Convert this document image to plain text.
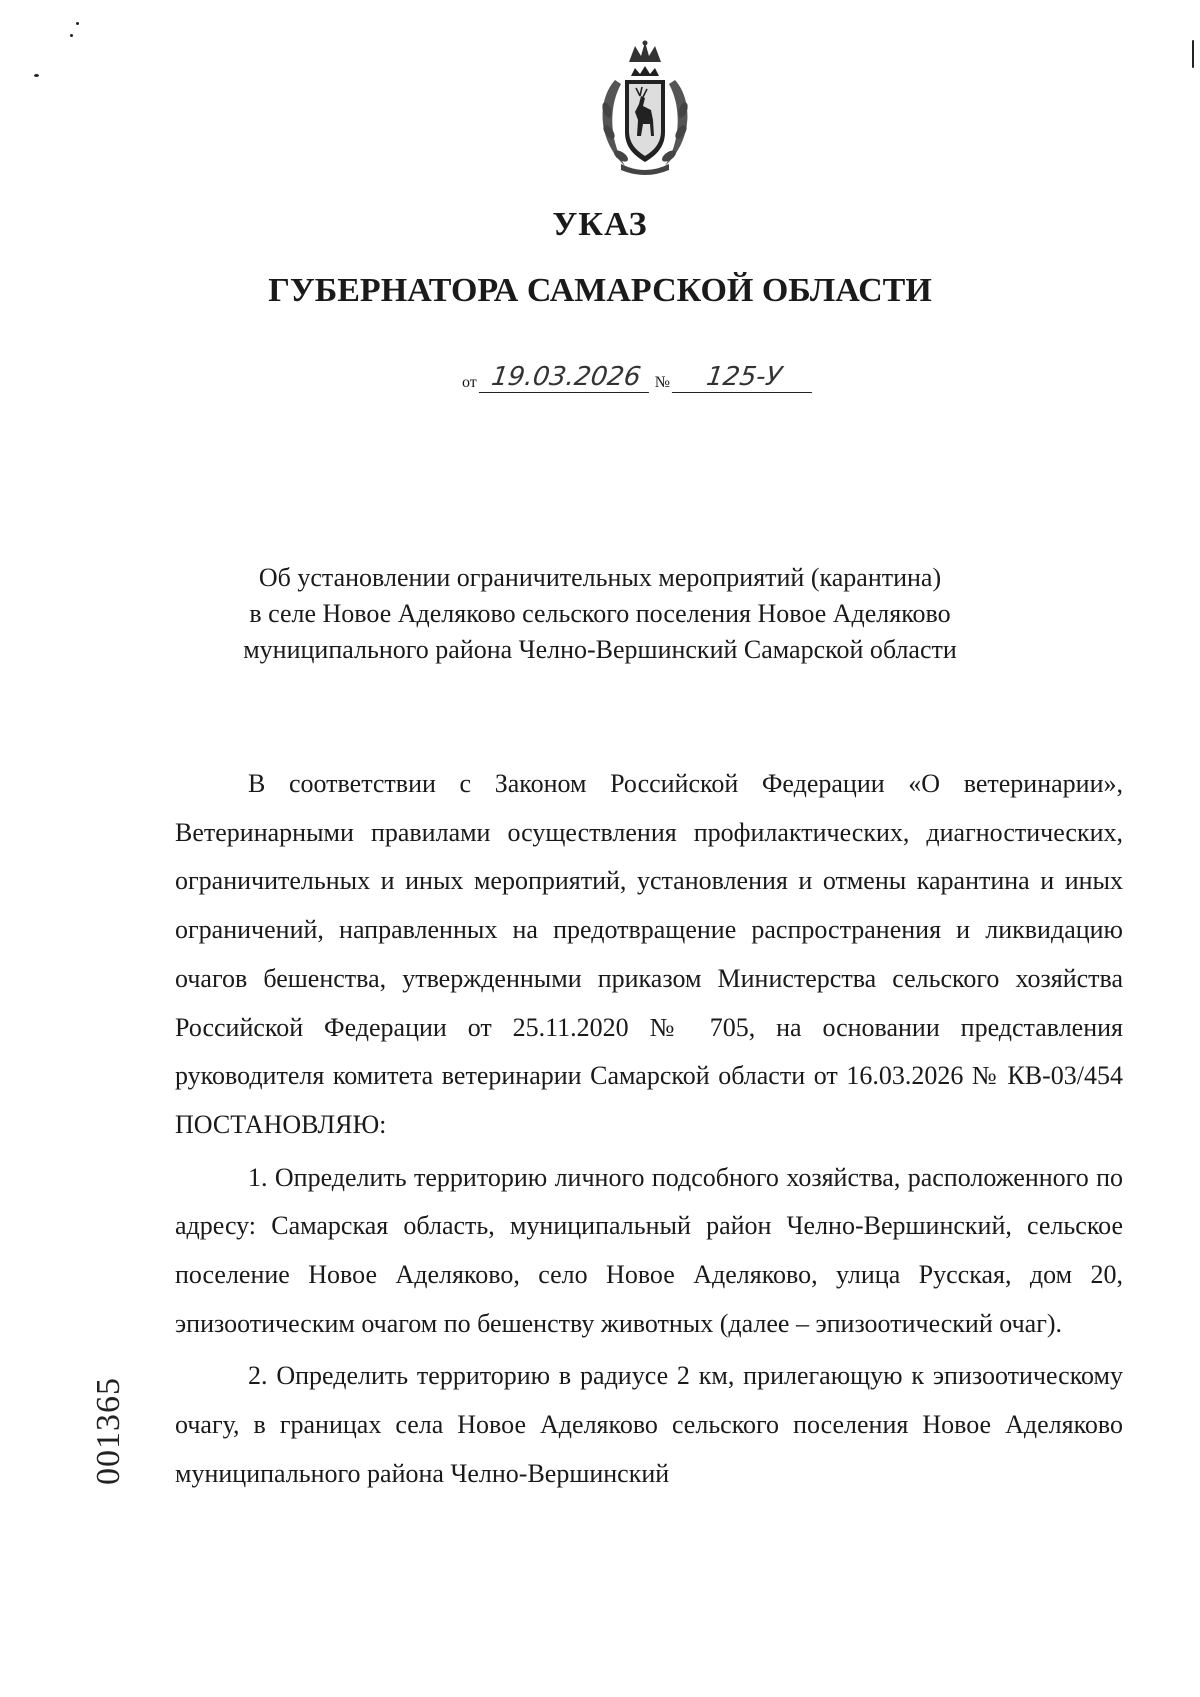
УКАЗ
ГУБЕРНАТОРА САМАРСКОЙ ОБЛАСТИ
от 19.03.2026 № 125-У
Об установлении ограничительных мероприятий (карантина)
в селе Новое Аделяково сельского поселения Новое Аделяково
муниципального района Челно-Вершинский Самарской области

В соответствии с Законом Российской Федерации «О ветеринарии», Ветеринарными правилами осуществления профилактических, диагностических, ограничительных и иных мероприятий, установления и отмены карантина и иных ограничений, направленных на предотвращение распространения и ликвидацию очагов бешенства, утвержденными приказом Министерства сельского хозяйства Российской Федерации от 25.11.2020 № 705, на основании представления руководителя комитета ветеринарии Самарской области от 16.03.2026 № КВ-03/454 ПОСТАНОВЛЯЮ:

1. Определить территорию личного подсобного хозяйства, расположенного по адресу: Самарская область, муниципальный район Челно-Вершинский, сельское поселение Новое Аделяково, село Новое Аделяково, улица Русская, дом 20, эпизоотическим очагом по бешенству животных (далее – эпизоотический очаг).

2. Определить территорию в радиусе 2 км, прилегающую к эпизоотическому очагу, в границах села Новое Аделяково сельского поселения Новое Аделяково муниципального района Челно-Вершинский

001365
